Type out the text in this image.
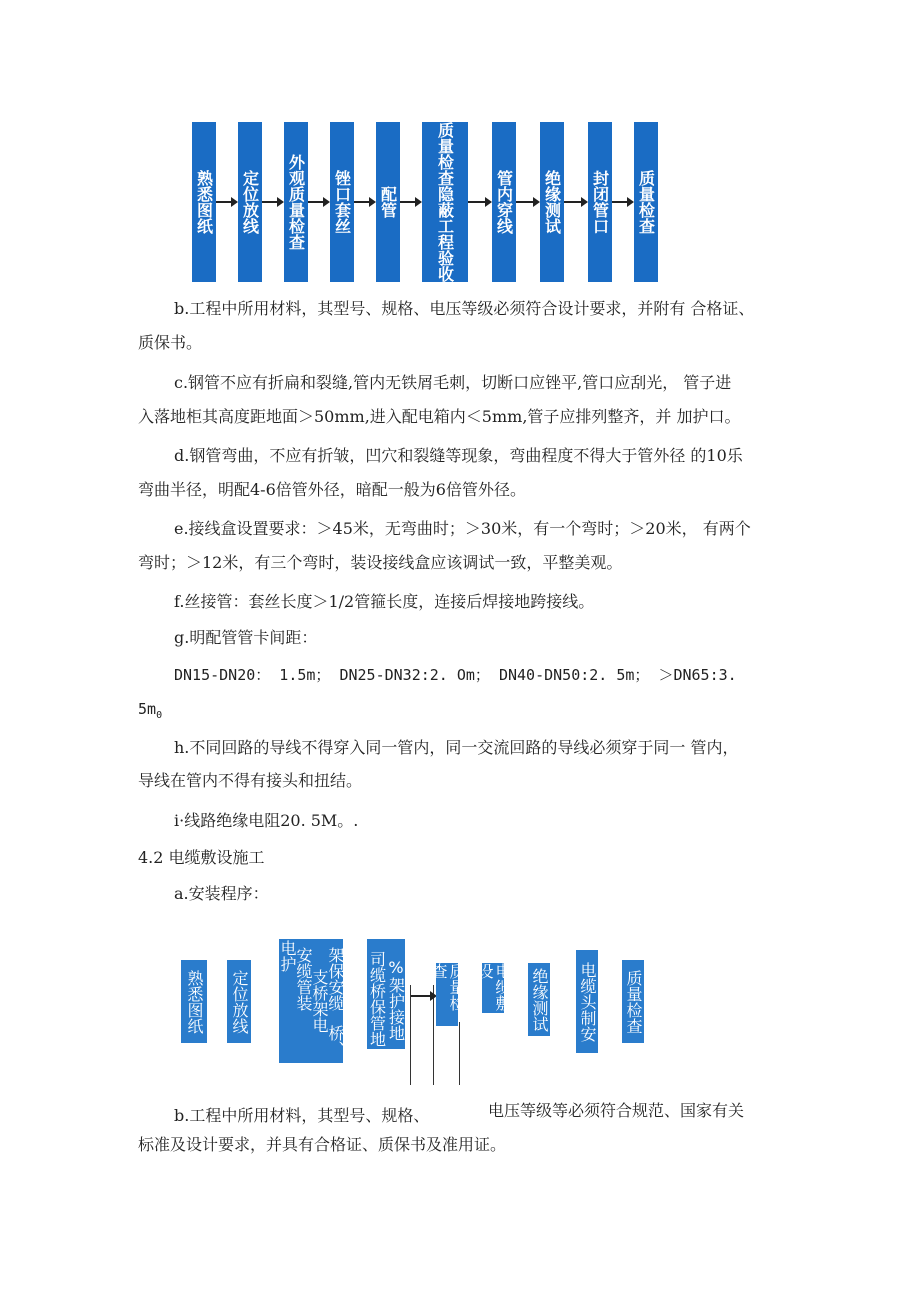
熟悉图纸 定位放线 外观质量检查 锉口套丝 配管	质量检查隐蔽工程验收	管内穿线 绝缘测试 封闭管口 质量检查
b.工程中所用材料，其型号、规格、电压等级必须符合设计要求，并附有 合格证、
质保书。
c.钢管不应有折扁和裂缝,管内无铁屑毛刺，切断口应锉平,管口应刮光， 管子进
入落地柜其高度距地面＞50mm,进入配电箱内＜5mm,管子应排列整齐，并 加护口。
d.钢管弯曲，不应有折皱，凹穴和裂缝等现象，弯曲程度不得大于管外径 的10乐
弯曲半径，明配4-6倍管外径，暗配一般为6倍管外径。
e.接线盒设置要求：＞45米，无弯曲时；＞30米，有一个弯时；＞20米， 有两个
弯时；＞12米，有三个弯时，装设接线盒应该调试一致，平整美观。
f.丝接管：套丝长度＞1/2管箍长度，连接后焊接地跨接线。
g.明配管管卡间距：
DN15-DN20： 1.5m； DN25-DN32:2. Om； DN40-DN50:2. 5m； ＞DN65:3.
$5m_0$
h.不同回路的导线不得穿入同一管内，同一交流回路的导线必须穿于同一 管内，
导线在管内不得有接头和扭结。
i·线路绝缘电阻20. 5M。.
4.2 电缆敷设施工
a.安装程序：
熟悉图纸 定位放线
电护
安缆管装
支桥架电
架保安缆
桥、 司缆桥保管地 %架护接地	质量检查	电缆敷设	绝缘测试 电缆头制安 质量检查
b.工程中所用材料，其型号、规格、	电压等级等必须符合规范、国家有关
标准及设计要求，并具有合格证、质保书及准用证。
